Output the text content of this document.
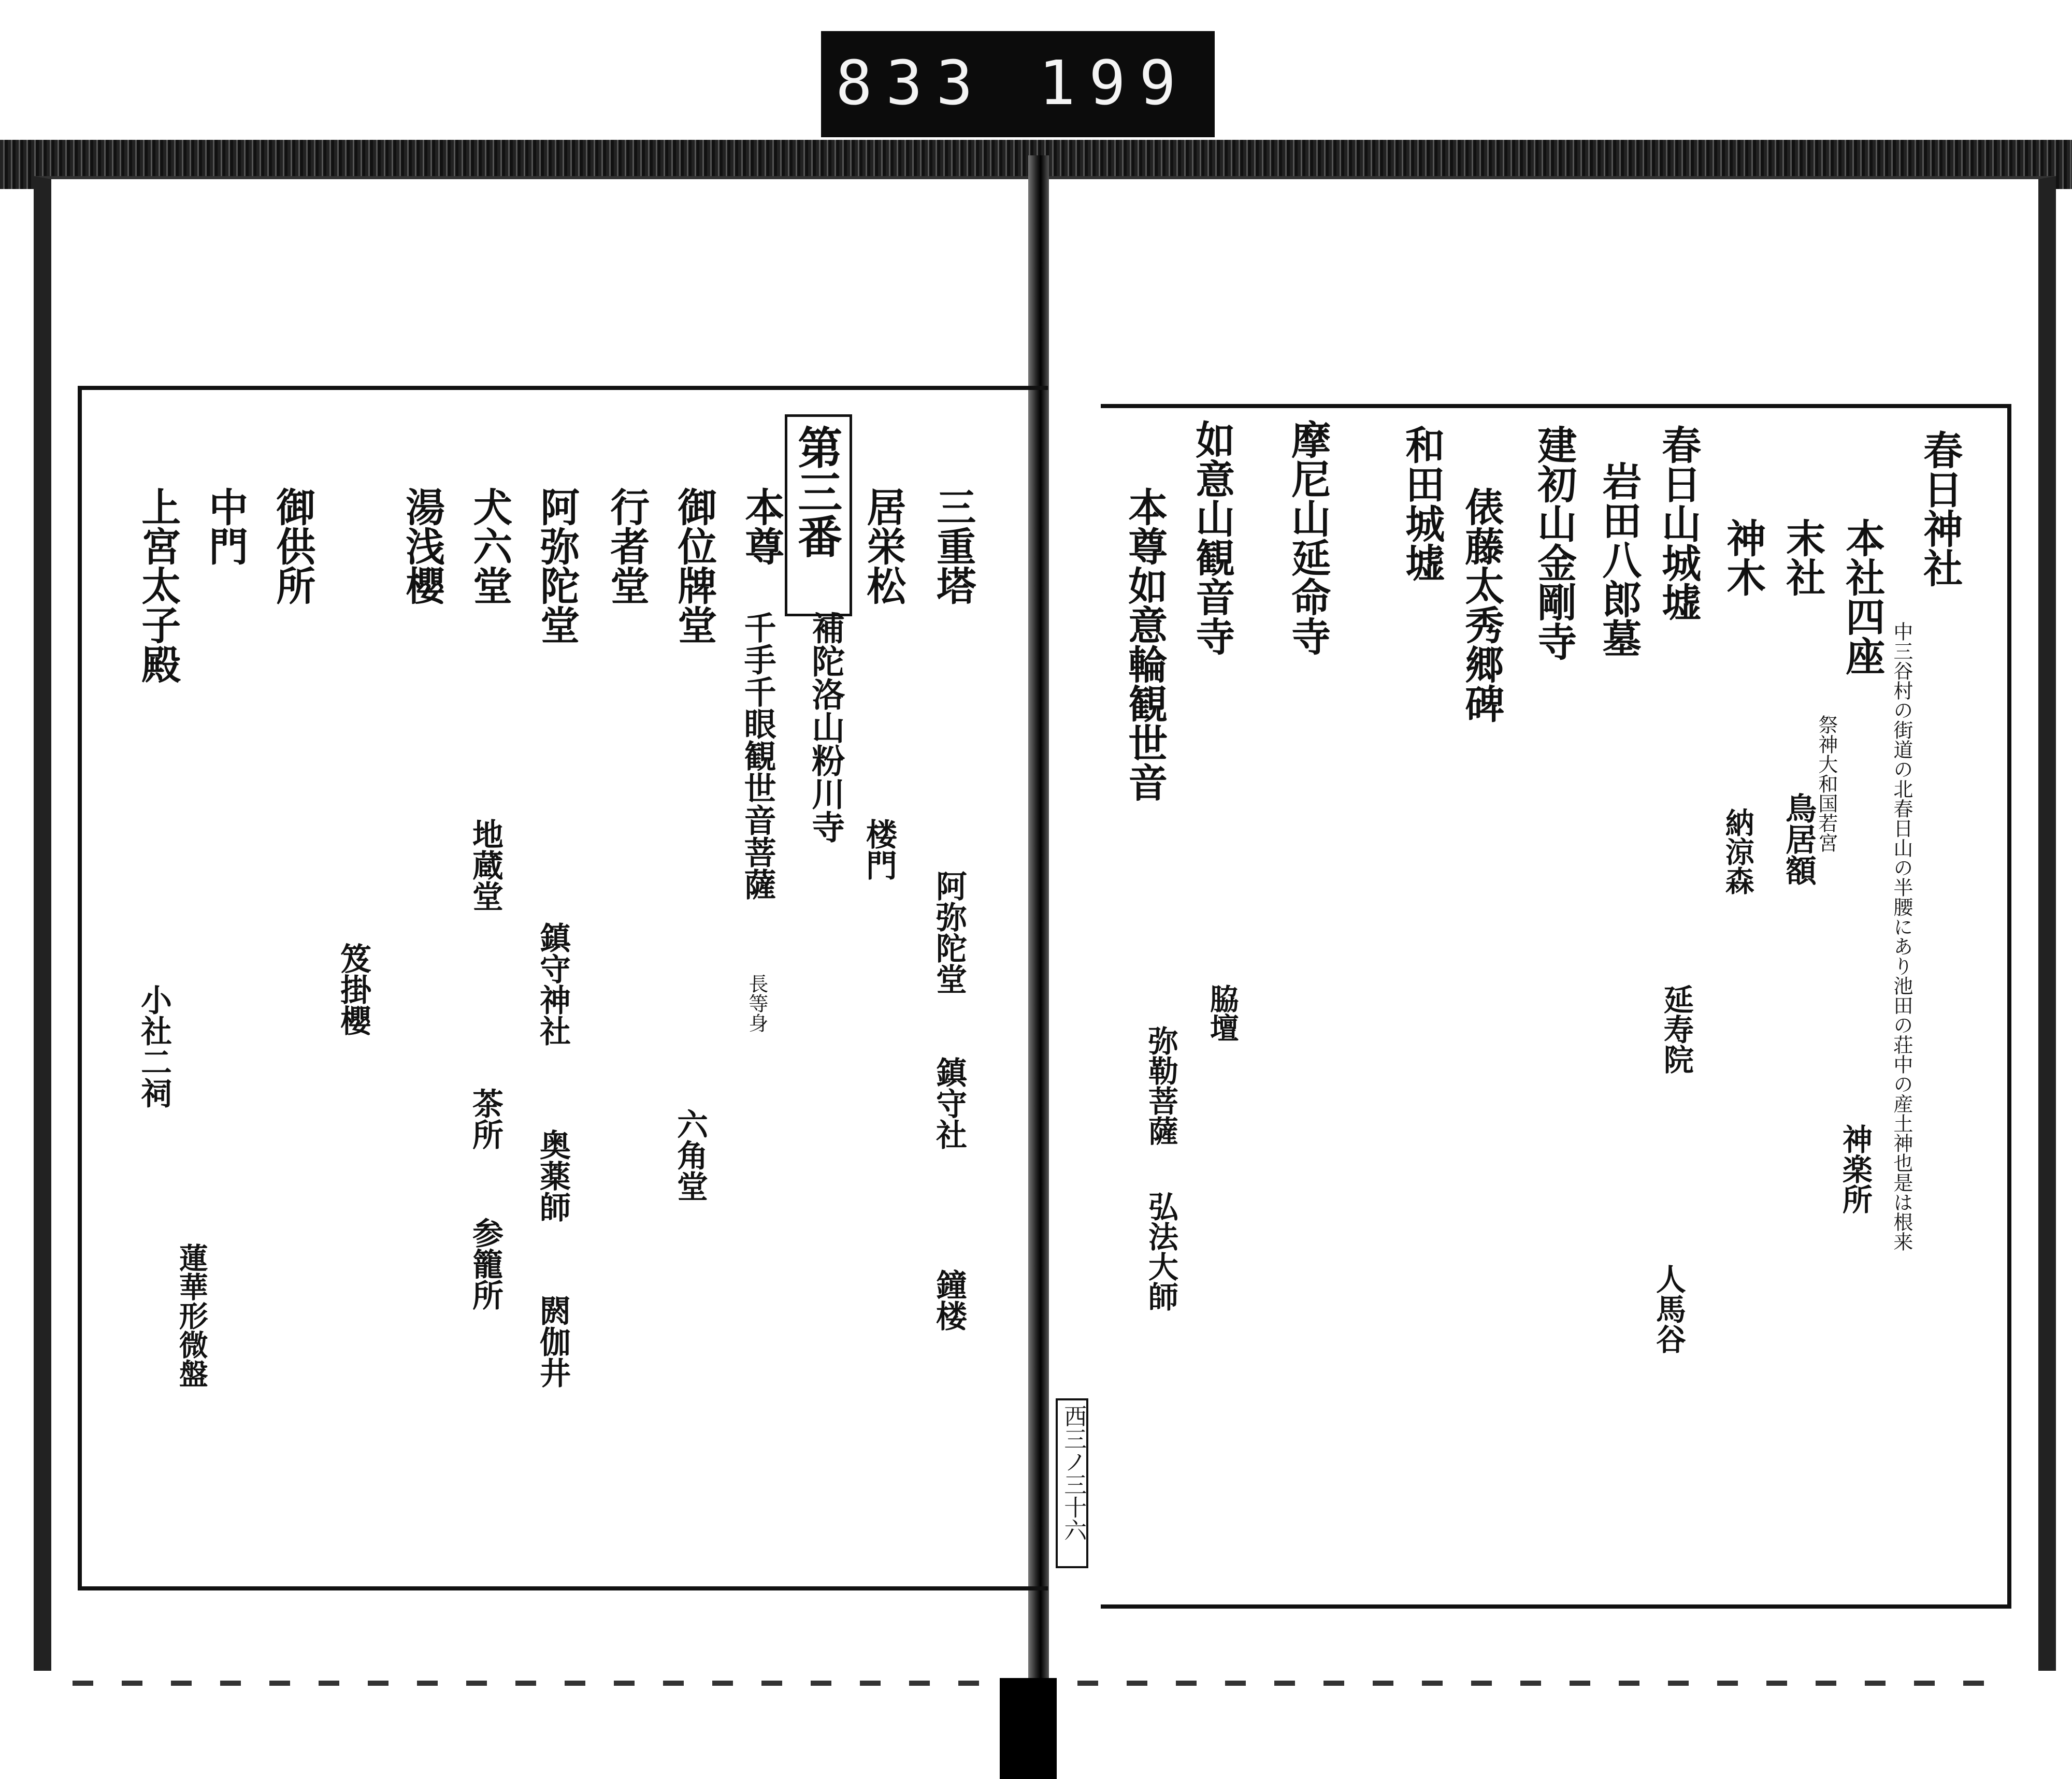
833 199
春日神社
中三谷村の街道の北春日山の半腰にあり池田の荘中の産土神也是は根来
本社四座
末社
神木
春日山城墟
岩田八郎墓
建初山金剛寺
俵藤太秀郷碑
和田城墟
摩尼山延命寺
如意山観音寺
本尊如意輪観世音	祭神大和国若宮
鳥居額
延寿院
神楽所
人馬谷
納涼森
脇壇
弥勒菩薩
弘法大師
西三ノ三十六
第三番 三重塔
居栄松
本尊
御位牌堂
行者堂
阿弥陀堂
犬六堂
湯浅櫻
御供所
中門
上宮太子殿
補陀洛山粉川寺
千手千眼観世音菩薩
長等身
阿弥陀堂
鎮守社
鐘楼
楼門
六角堂
鎮守神社
奥薬師
閼伽井
地蔵堂
茶所
参籠所
笈掛櫻
小社二祠
蓮華形微盤
